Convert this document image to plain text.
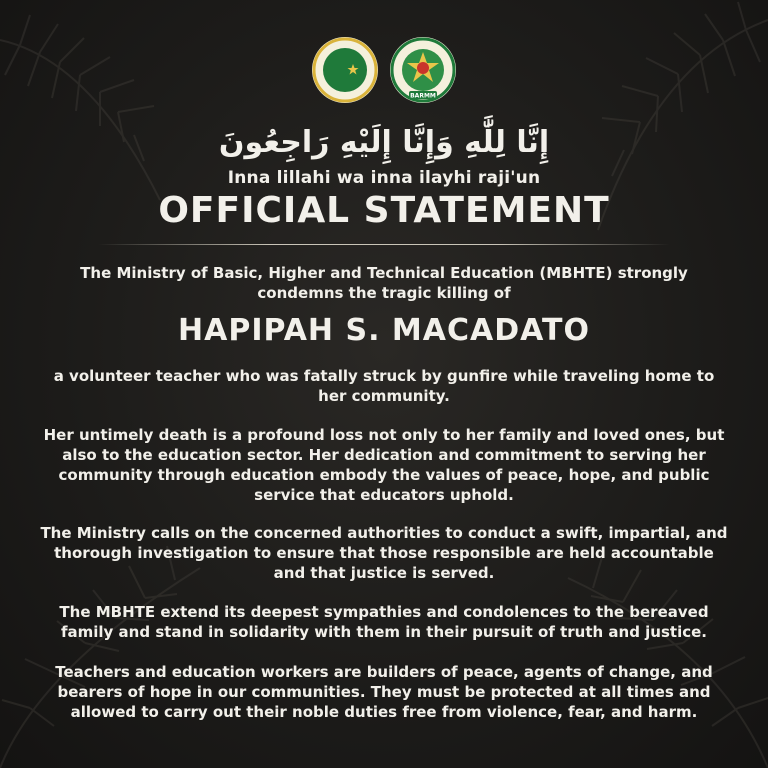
BARMM
إِنَّا لِلَّٰهِ وَإِنَّا إِلَيْهِ رَاجِعُونَ
Inna lillahi wa inna ilayhi raji'un
OFFICIAL STATEMENT
The Ministry of Basic, Higher and Technical Education (MBHTE) strongly condemns the tragic killing of
HAPIPAH S. MACADATO
a volunteer teacher who was fatally struck by gunfire while traveling home to her community.
Her untimely death is a profound loss not only to her family and loved ones, but also to the education sector. Her dedication and commitment to serving her community through education embody the values of peace, hope, and public service that educators uphold.
The Ministry calls on the concerned authorities to conduct a swift, impartial, and thorough investigation to ensure that those responsible are held accountable and that justice is served.
The MBHTE extend its deepest sympathies and condolences to the bereaved family and stand in solidarity with them in their pursuit of truth and justice.
Teachers and education workers are builders of peace, agents of change, and bearers of hope in our communities. They must be protected at all times and allowed to carry out their noble duties free from violence, fear, and harm.
